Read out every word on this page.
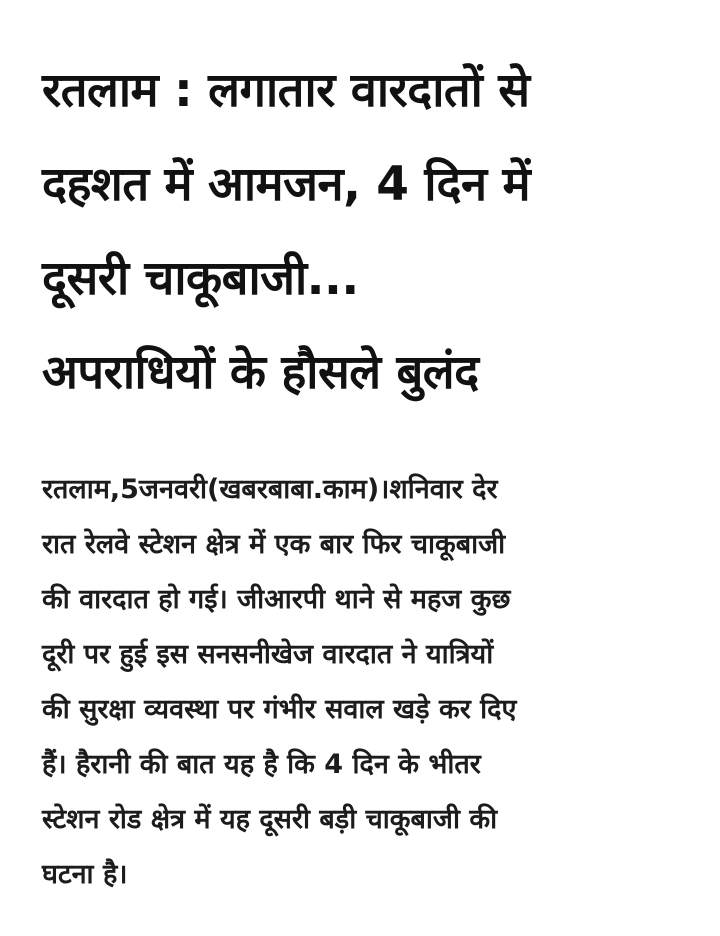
रतलाम : लगातार वारदातों से
दहशत में आमजन, 4 दिन में
दूसरी चाकूबाजी...
अपराधियों के हौसले बुलंद

रतलाम,5जनवरी(खबरबाबा.काम)।शनिवार देर
रात रेलवे स्टेशन क्षेत्र में एक बार फिर चाकूबाजी
की वारदात हो गई। जीआरपी थाने से महज कुछ
दूरी पर हुई इस सनसनीखेज वारदात ने यात्रियों
की सुरक्षा व्यवस्था पर गंभीर सवाल खड़े कर दिए
हैं। हैरानी की बात यह है कि 4 दिन के भीतर
स्टेशन रोड क्षेत्र में यह दूसरी बड़ी चाकूबाजी की
घटना है।
